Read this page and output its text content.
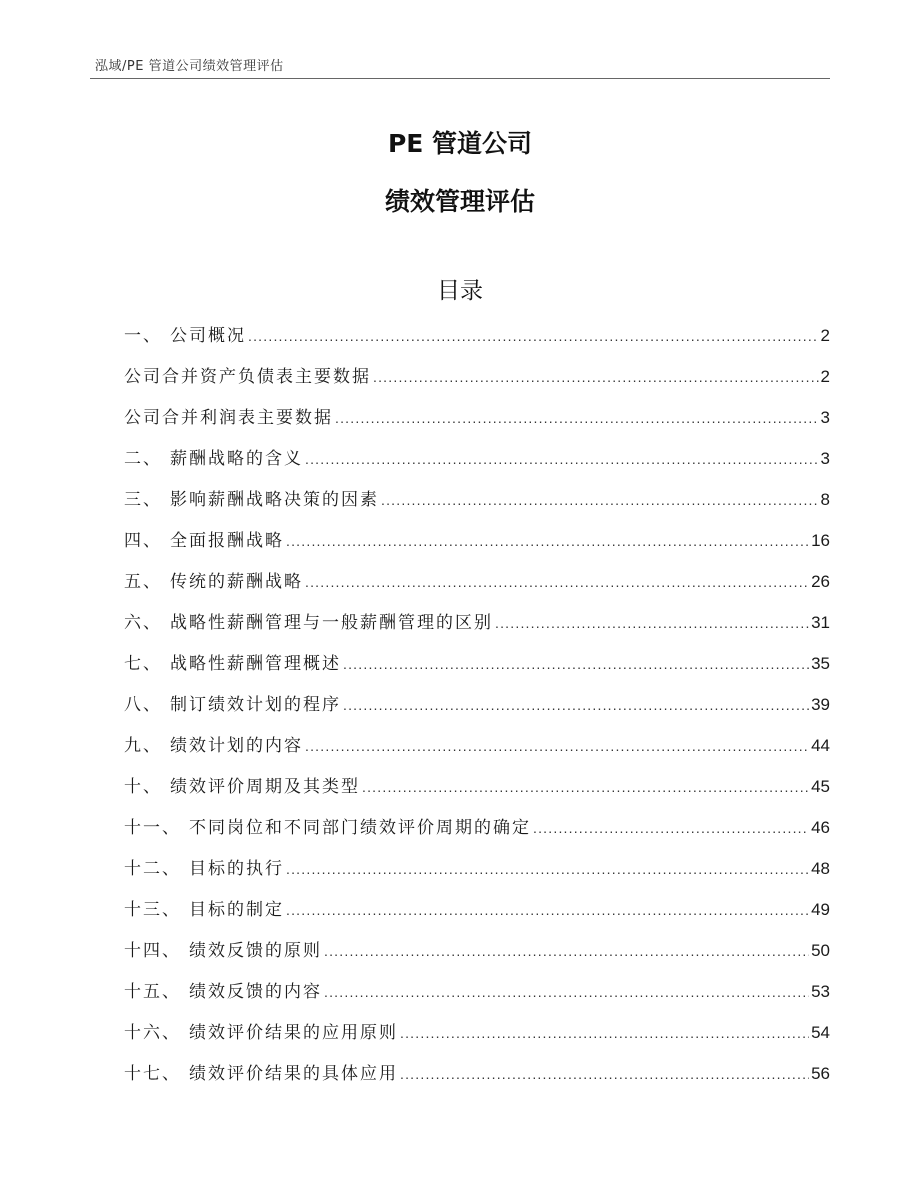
泓域/PE 管道公司绩效管理评估
PE 管道公司
绩效管理评估
目录
一、 公司概况 .....	2
公司合并资产负债表主要数据 .....	2
公司合并利润表主要数据 .....	3
二、 薪酬战略的含义 .....	3
三、 影响薪酬战略决策的因素 .....	8
四、 全面报酬战略 .....	16
五、 传统的薪酬战略 .....	26
六、 战略性薪酬管理与一般薪酬管理的区别 .....	31
七、 战略性薪酬管理概述 .....	35
八、 制订绩效计划的程序 .....	39
九、 绩效计划的内容 .....	44
十、 绩效评价周期及其类型 .....	45
十一、 不同岗位和不同部门绩效评价周期的确定 .....	46
十二、 目标的执行 .....	48
十三、 目标的制定 .....	49
十四、 绩效反馈的原则 .....	50
十五、 绩效反馈的内容 .....	53
十六、 绩效评价结果的应用原则 .....	54
十七、 绩效评价结果的具体应用 .....	56
